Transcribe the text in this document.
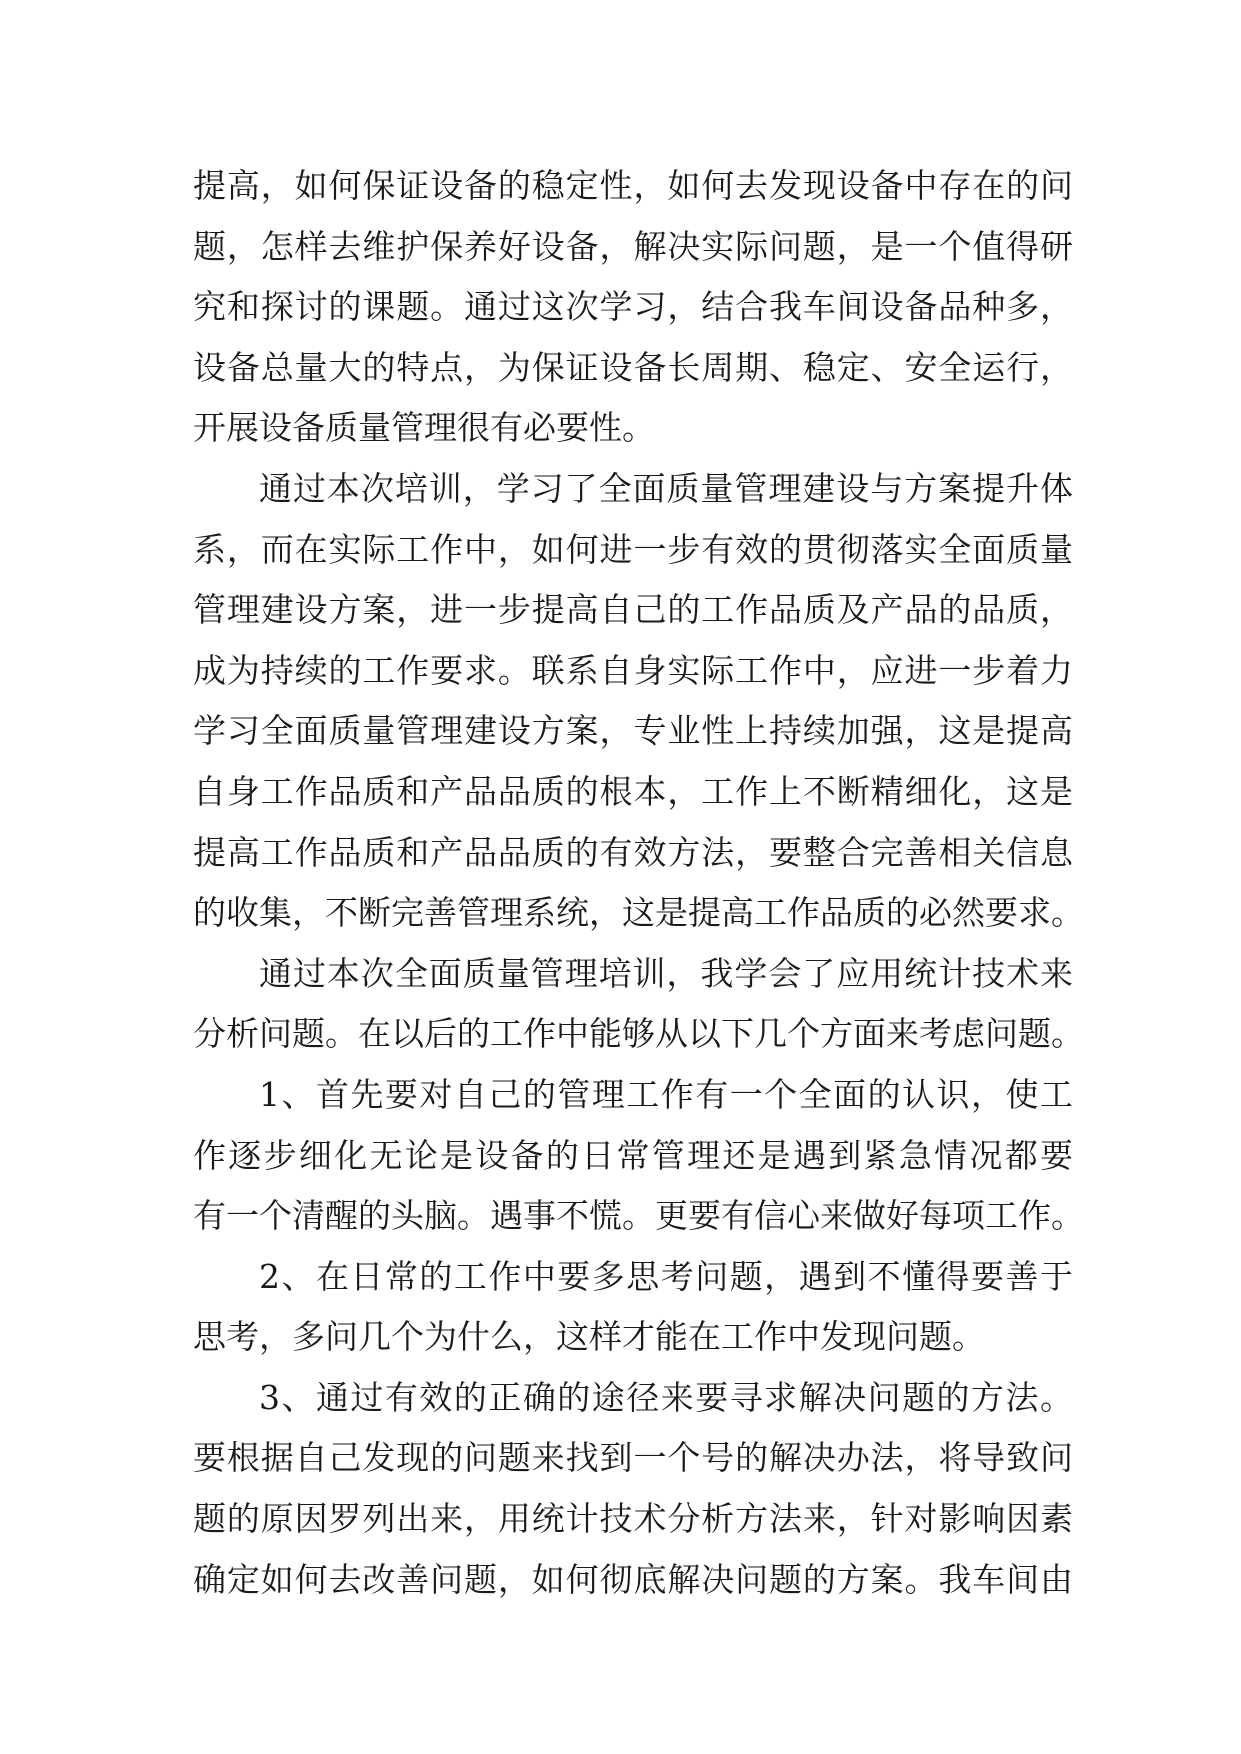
提高，如何保证设备的稳定性，如何去发现设备中存在的问
题，怎样去维护保养好设备，解决实际问题，是一个值得研
究和探讨的课题。通过这次学习，结合我车间设备品种多，
设备总量大的特点，为保证设备长周期、稳定、安全运行，
开展设备质量管理很有必要性。
通过本次培训，学习了全面质量管理建设与方案提升体
系，而在实际工作中，如何进一步有效的贯彻落实全面质量
管理建设方案，进一步提高自己的工作品质及产品的品质，
成为持续的工作要求。联系自身实际工作中，应进一步着力
学习全面质量管理建设方案，专业性上持续加强，这是提高
自身工作品质和产品品质的根本，工作上不断精细化，这是
提高工作品质和产品品质的有效方法，要整合完善相关信息
的收集，不断完善管理系统，这是提高工作品质的必然要求。
通过本次全面质量管理培训，我学会了应用统计技术来
分析问题。在以后的工作中能够从以下几个方面来考虑问题。
1、首先要对自己的管理工作有一个全面的认识，使工
作逐步细化无论是设备的日常管理还是遇到紧急情况都要
有一个清醒的头脑。遇事不慌。更要有信心来做好每项工作。
2、在日常的工作中要多思考问题，遇到不懂得要善于
思考，多问几个为什么，这样才能在工作中发现问题。
3、通过有效的正确的途径来要寻求解决问题的方法。
要根据自己发现的问题来找到一个号的解决办法，将导致问
题的原因罗列出来，用统计技术分析方法来，针对影响因素
确定如何去改善问题，如何彻底解决问题的方案。我车间由
